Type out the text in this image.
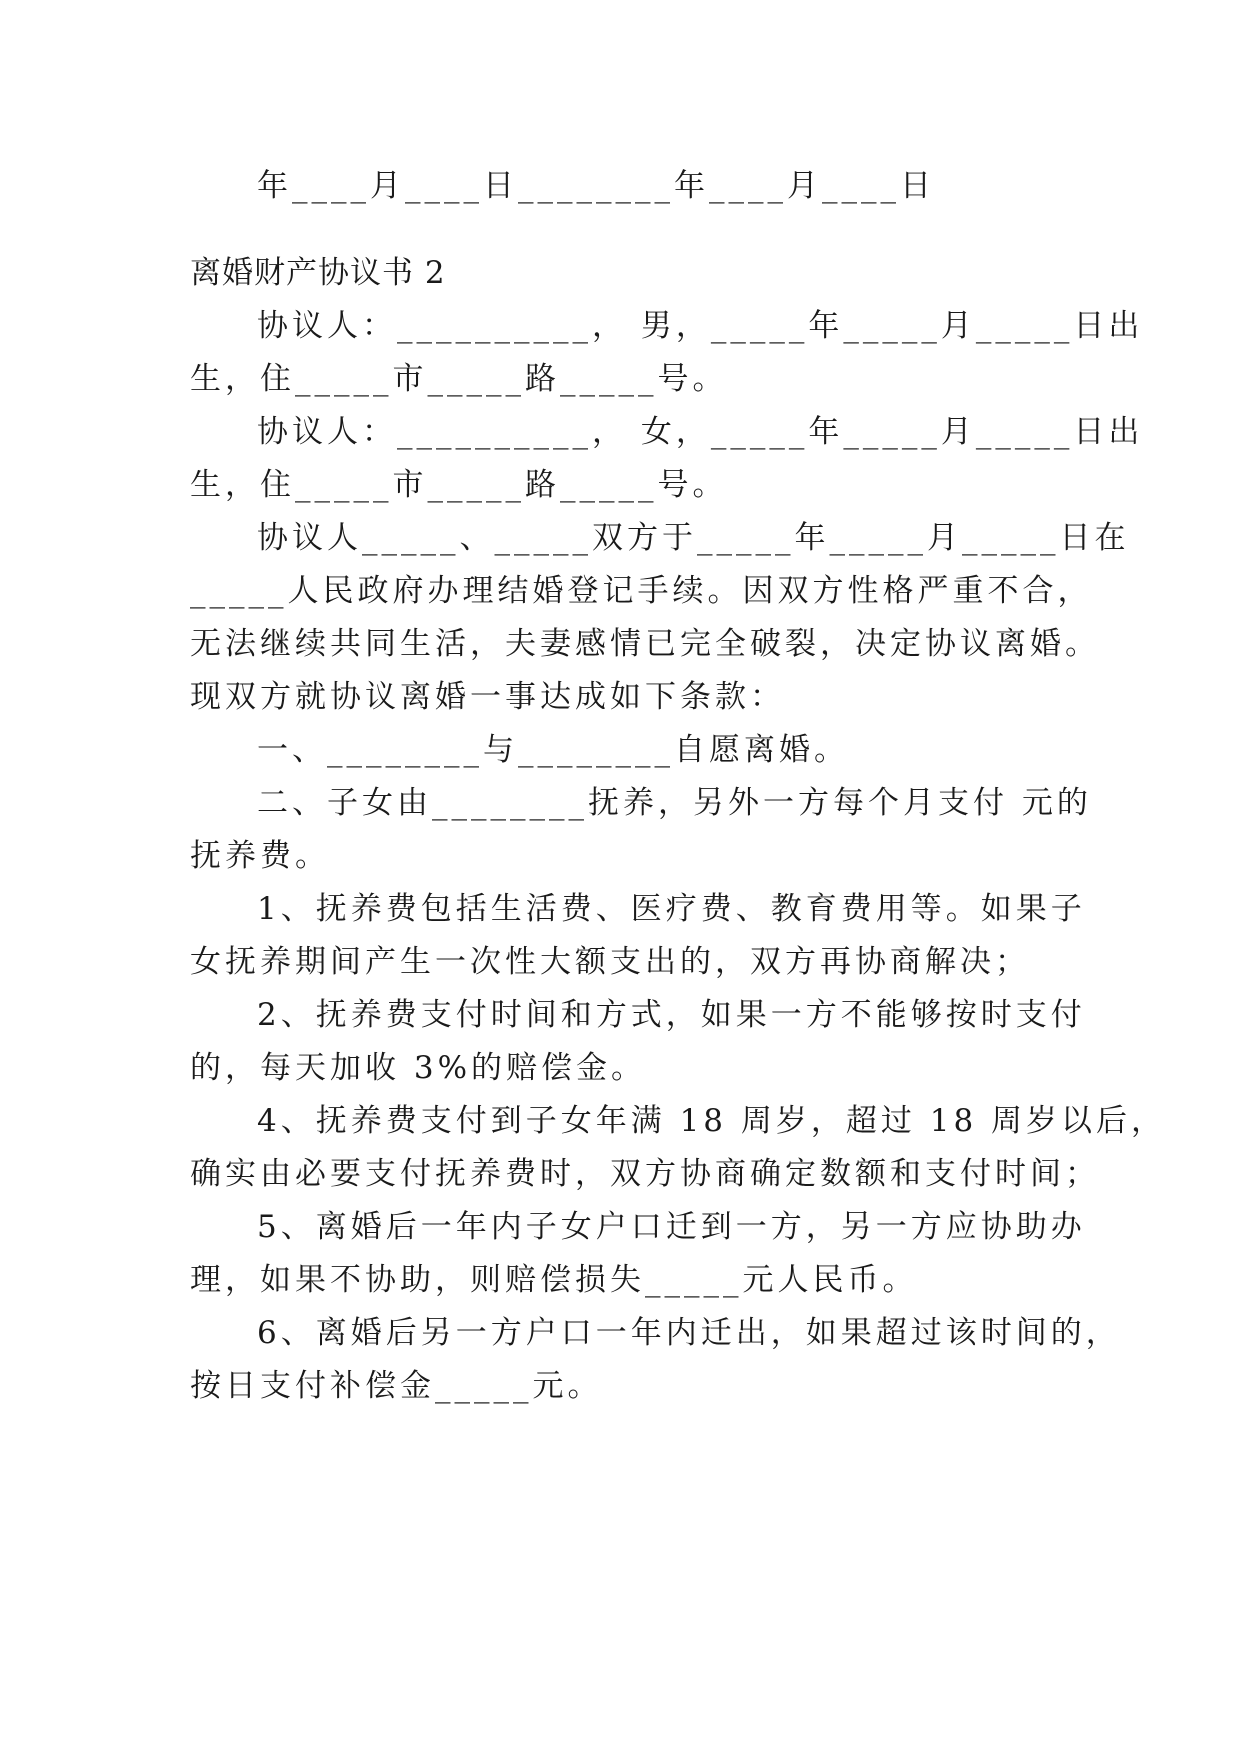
年____月____日________年____月____日
离婚财产协议书 2
协议人：__________， 男，_____年_____月_____日出
生，住_____市_____路_____号。
协议人：__________， 女，_____年_____月_____日出
生，住_____市_____路_____号。
协议人_____、_____双方于_____年_____月_____日在
_____人民政府办理结婚登记手续。因双方性格严重不合，
无法继续共同生活，夫妻感情已完全破裂，决定协议离婚。
现双方就协议离婚一事达成如下条款：
一、________与________自愿离婚。
二、子女由________抚养，另外一方每个月支付 元的
抚养费。
1、抚养费包括生活费、医疗费、教育费用等。如果子
女抚养期间产生一次性大额支出的，双方再协商解决；
2、抚养费支付时间和方式，如果一方不能够按时支付
的，每天加收 3%的赔偿金。
4、抚养费支付到子女年满 18 周岁，超过 18 周岁以后，
确实由必要支付抚养费时，双方协商确定数额和支付时间；
5、离婚后一年内子女户口迁到一方，另一方应协助办
理，如果不协助，则赔偿损失_____元人民币。
6、离婚后另一方户口一年内迁出，如果超过该时间的，
按日支付补偿金_____元。
